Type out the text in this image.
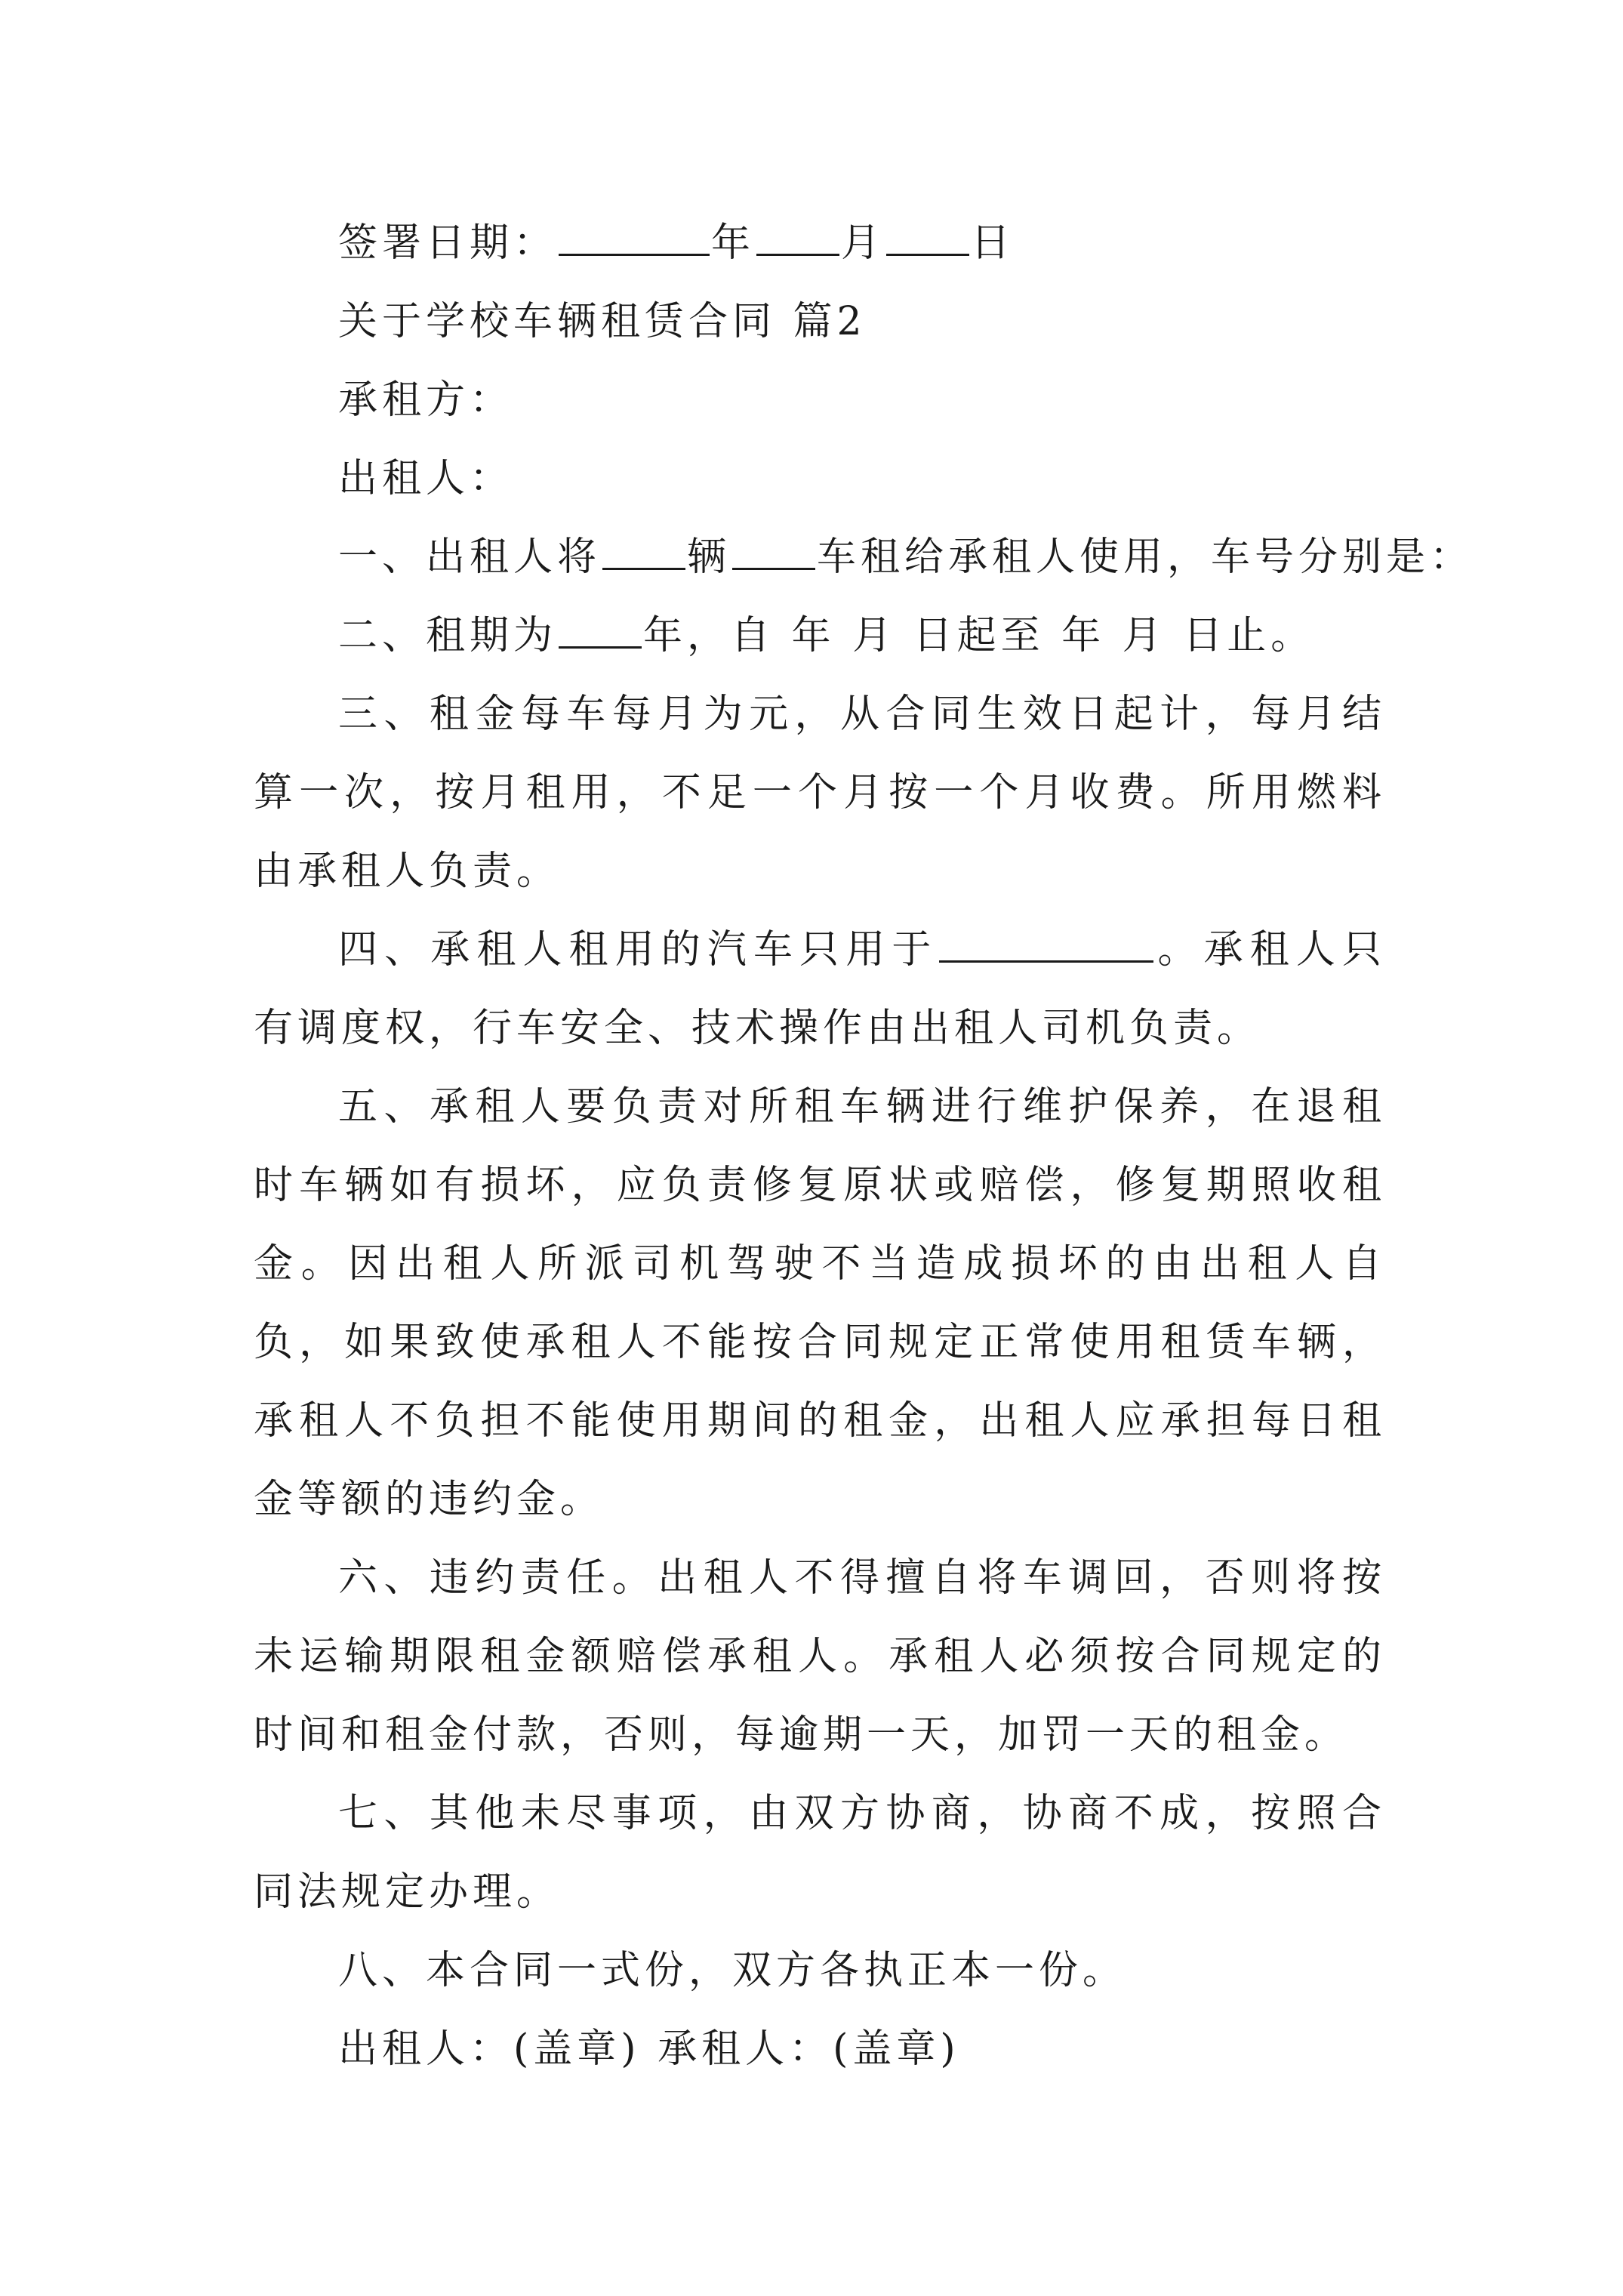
签署日期：	年 月 日
关于学校车辆租赁合同 篇2
承租方：
出租人：
一、出租人将 辆 车租给承租人使用，车号分别是：
二、租期为 年，自 年 月 日起至 年 月 日止。

三、租金每车每月为元，从合同生效日起计，每月结算一次，按月租用，不足一个月按一个月收费。所用燃料由承租人负责。

四、承租人租用的汽车只用于	。承租人只有调度权，行车安全、技术操作由出租人司机负责。

五、承租人要负责对所租车辆进行维护保养，在退租时车辆如有损坏，应负责修复原状或赔偿，修复期照收租金。因出租人所派司机驾驶不当造成损坏的由出租人自负，如果致使承租人不能按合同规定正常使用租赁车辆，承租人不负担不能使用期间的租金，出租人应承担每日租金等额的违约金。

六、违约责任。出租人不得擅自将车调回，否则将按未运输期限租金额赔偿承租人。承租人必须按合同规定的时间和租金付款，否则，每逾期一天，加罚一天的租金。

七、其他未尽事项，由双方协商，协商不成，按照合同法规定办理。

八、本合同一式份，双方各执正本一份。
出租人：(盖章) 承租人：(盖章)
